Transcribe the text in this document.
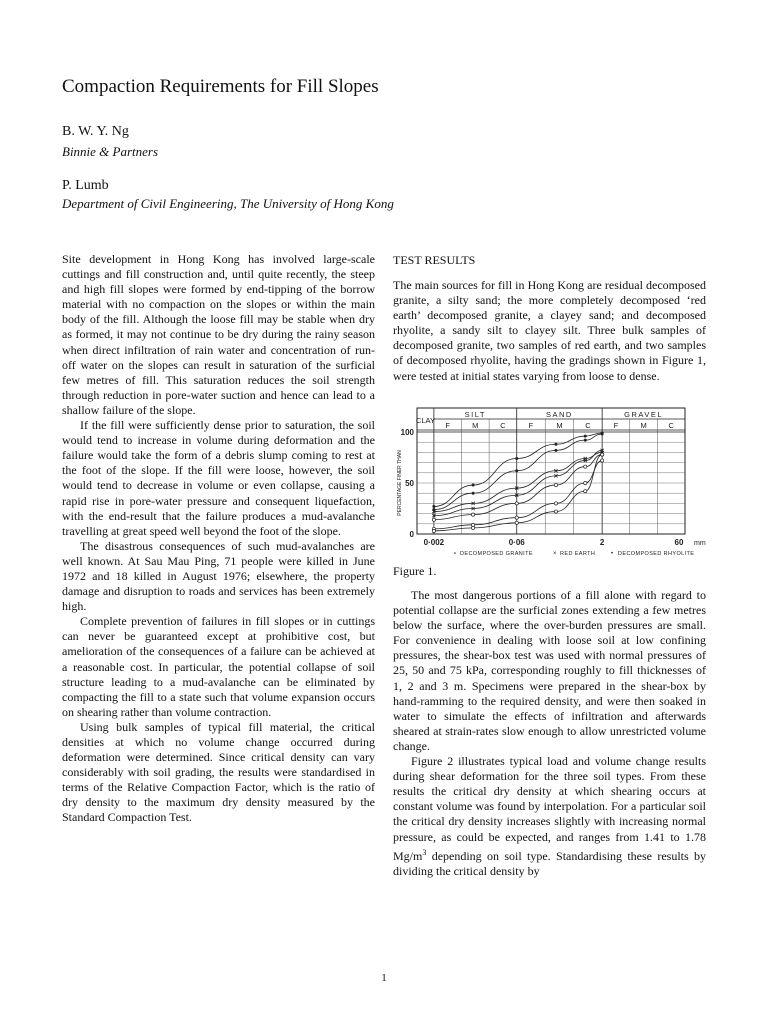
Compaction Requirements for Fill Slopes
B. W. Y. Ng
Binnie & Partners
P. Lumb
Department of Civil Engineering, The University of Hong Kong

Site development in Hong Kong has involved large-scale cuttings and fill construction and, until quite recently, the steep and high fill slopes were formed by end-tipping of the borrow material with no compaction on the slopes or within the main body of the fill. Although the loose fill may be stable when dry as formed, it may not continue to be dry during the rainy season when direct infiltration of rain water and concentration of run-off water on the slopes can result in saturation of the surficial few metres of fill. This saturation reduces the soil strength through reduction in pore-water suction and hence can lead to a shallow failure of the slope.

If the fill were sufficiently dense prior to saturation, the soil would tend to increase in volume during deformation and the failure would take the form of a debris slump coming to rest at the foot of the slope. If the fill were loose, however, the soil would tend to decrease in volume or even collapse, causing a rapid rise in pore-water pressure and consequent liquefaction, with the end-result that the failure produces a mud-avalanche travelling at great speed well beyond the foot of the slope.

The disastrous consequences of such mud-avalanches are well known. At Sau Mau Ping, 71 people were killed in June 1972 and 18 killed in August 1976; elsewhere, the property damage and disruption to roads and services has been extremely high.

Complete prevention of failures in fill slopes or in cuttings can never be guaranteed except at prohibitive cost, but amelioration of the consequences of a failure can be achieved at a reasonable cost. In particular, the potential collapse of soil structure leading to a mud-avalanche can be eliminated by compacting the fill to a state such that volume expansion occurs on shearing rather than volume contraction.

Using bulk samples of typical fill material, the critical densities at which no volume change occurred during deformation were determined. Since critical density can vary considerably with soil grading, the results were standardised in terms of the Relative Compaction Factor, which is the ratio of dry density to the maximum dry density measured by the Standard Compaction Test.

TEST RESULTS

The main sources for fill in Hong Kong are residual decomposed granite, a silty sand; the more completely decomposed ‘red earth’ decomposed granite, a clayey sand; and decomposed rhyolite, a sandy silt to clayey silt. Three bulk samples of decomposed granite, two samples of red earth, and two samples of decomposed rhyolite, having the gradings shown in Figure 1, were tested at initial states varying from loose to dense.

CLAY
SILT
F	M	C
SAND
F	M	C
GRAVEL
F	M	C
0
50
100
PERCENTAGE FINER THAN
0·002	0·06	2	60 mm
∘ DECOMPOSED GRANITE	× RED EARTH	• DECOMPOSED RHYOLITE
Figure 1.

The most dangerous portions of a fill alone with regard to potential collapse are the surficial zones extending a few metres below the surface, where the over-burden pressures are small. For convenience in dealing with loose soil at low confining pressures, the shear-box test was used with normal pressures of 25, 50 and 75 kPa, corresponding roughly to fill thicknesses of 1, 2 and 3 m. Specimens were prepared in the shear-box by hand-ramming to the required density, and were then soaked in water to simulate the effects of infiltration and afterwards sheared at strain-rates slow enough to allow unrestricted volume change.

Figure 2 illustrates typical load and volume change results during shear deformation for the three soil types. From these results the critical dry density at which shearing occurs at constant volume was found by interpolation. For a particular soil the critical dry density increases slightly with increasing normal pressure, as could be expected, and ranges from 1.41 to 1.78 $Mg/m^3$ depending on soil type. Standardising these results by dividing the critical density by

1
